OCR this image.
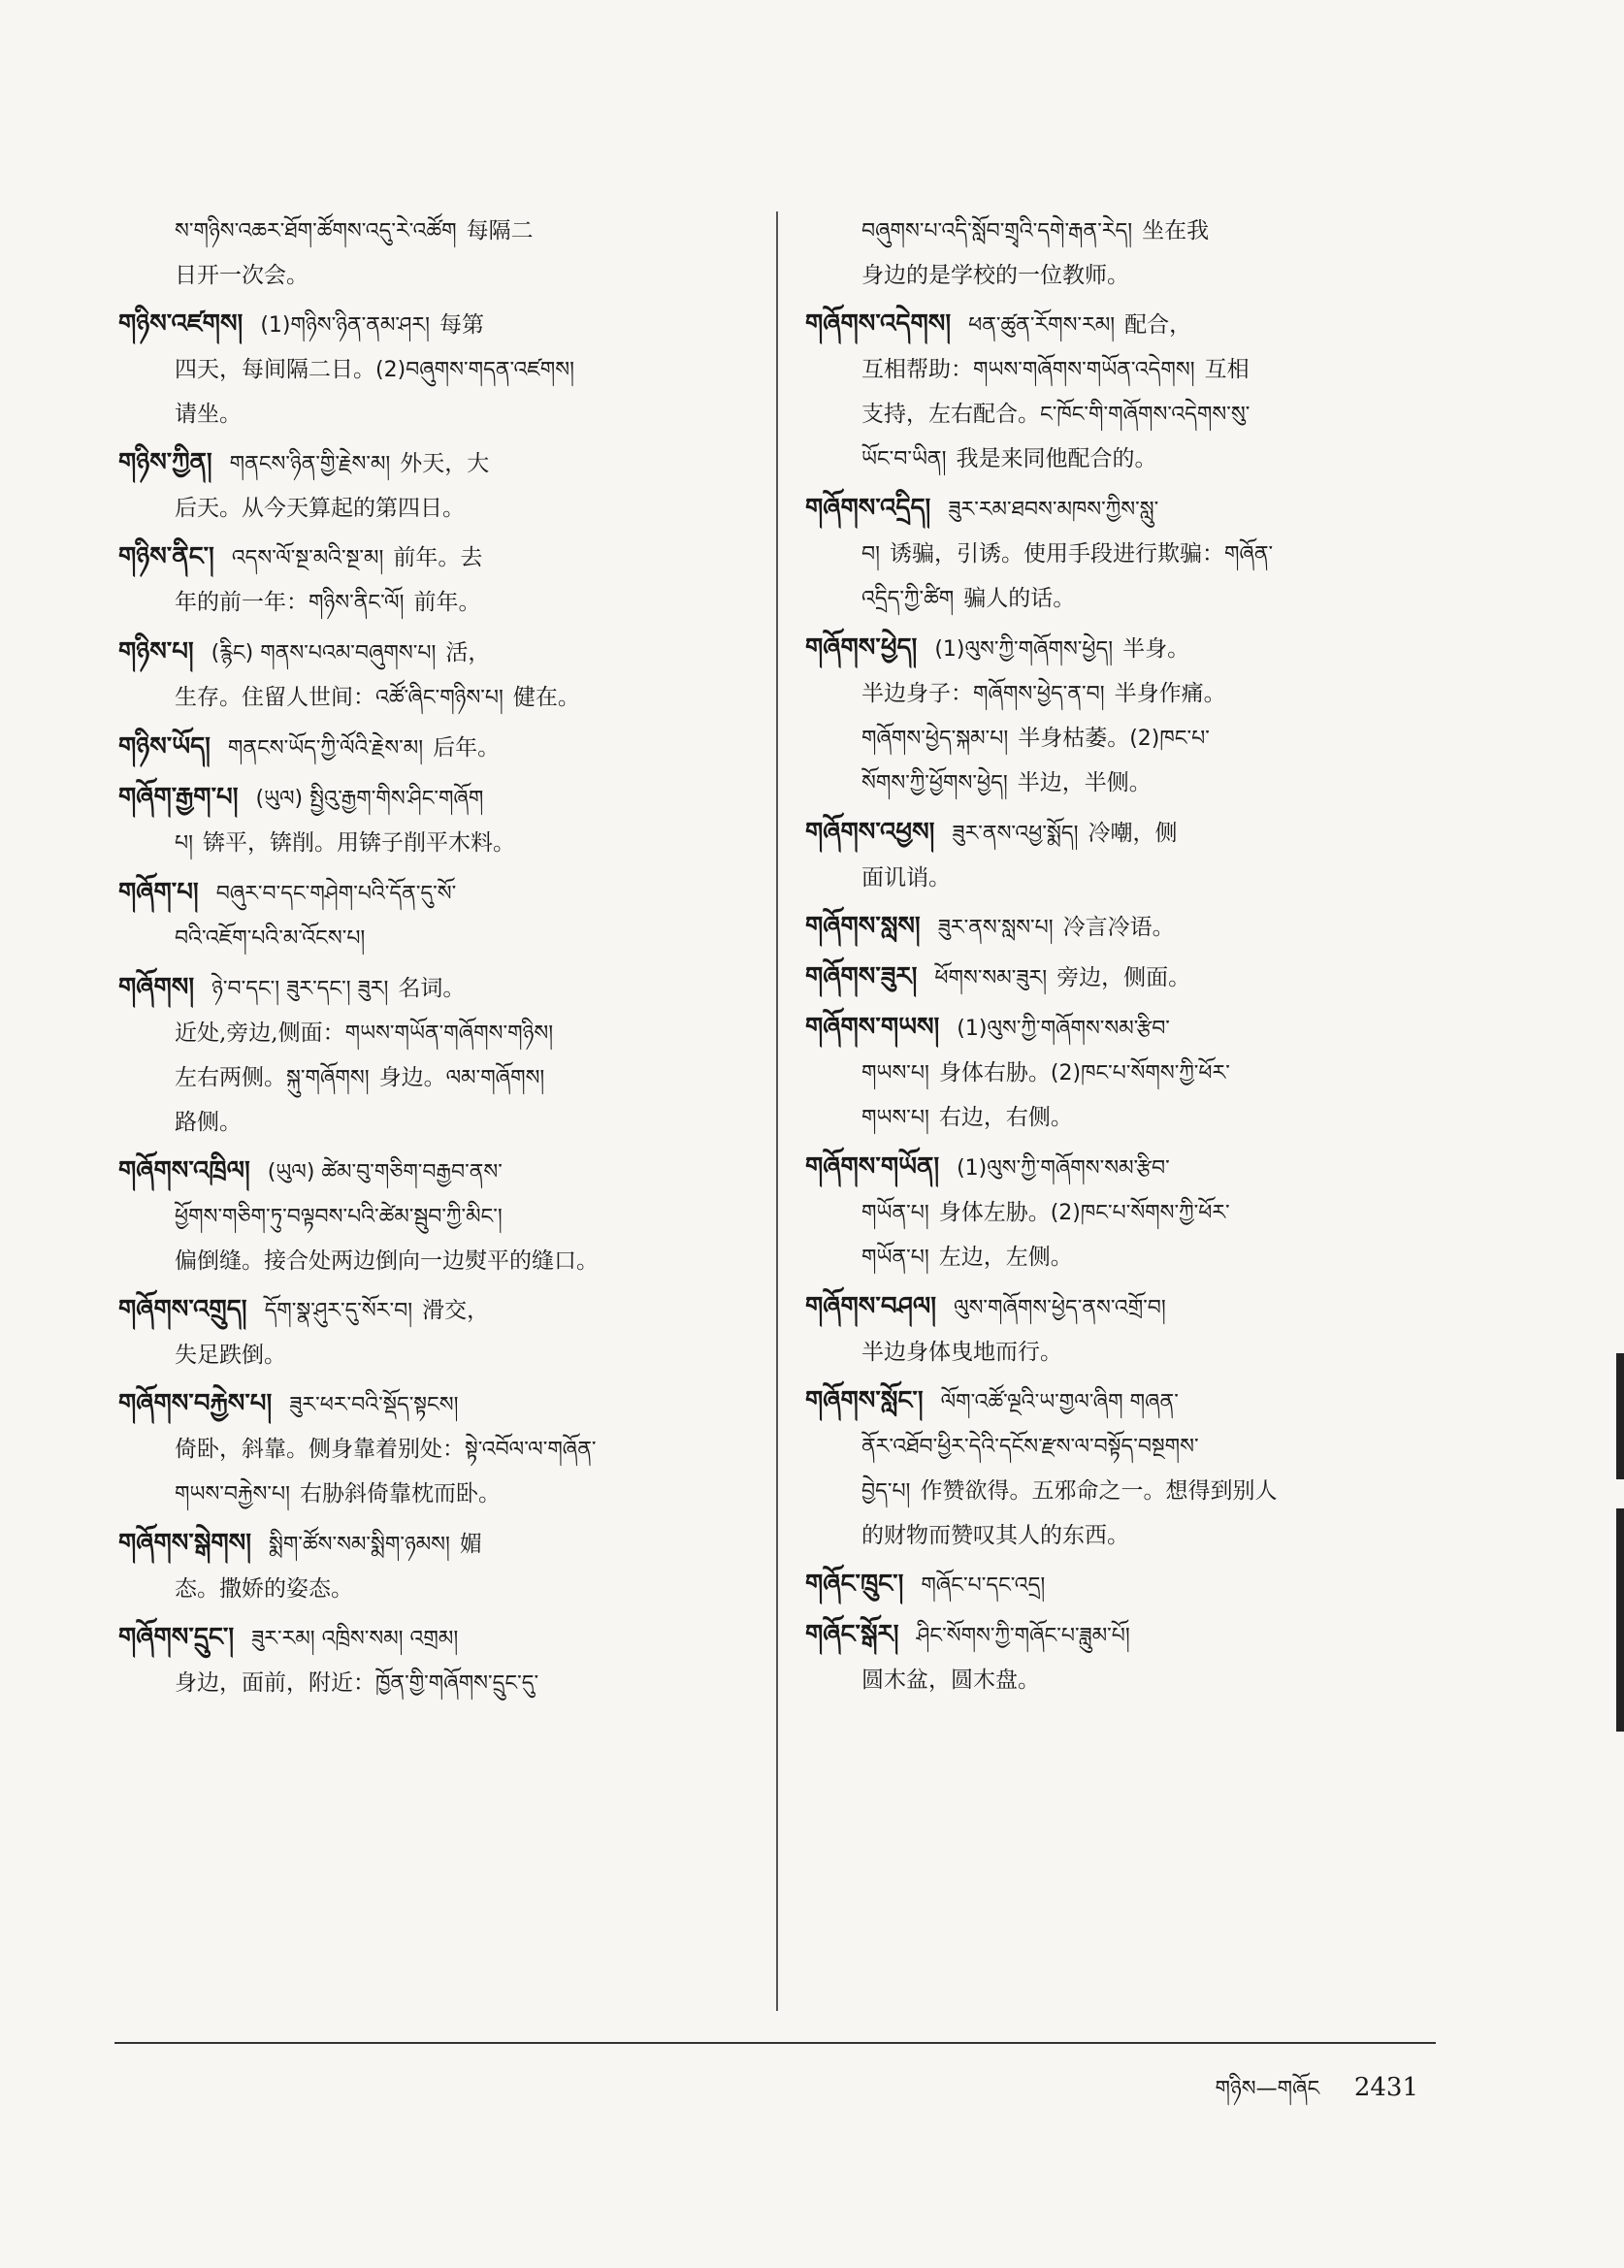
ས་གཉིས་འཆར་ཐོག་ཚོགས་འདུ་རེ་འཚོག 每隔二
日开一次会。
གཉིས་འཛགས། (1)གཉིས་ཉིན་ནམ་ཤར། 每第
四天，每间隔二日。(2)བཞུགས་གདན་འཛགས།
请坐。
གཉིས་ཀྱིན། གནངས་ཉིན་གྱི་རྗེས་མ། 外天，大
后天。从今天算起的第四日。
གཉིས་ནིང་། འདས་ལོ་སྔ་མའི་སྔ་མ། 前年。去
年的前一年：གཉིས་ནིང་ལོ། 前年。
གཉིས་པ། (རྙིང) གནས་པའམ་བཞུགས་པ། 活，
生存。住留人世间：འཚོ་ཞིང་གཉིས་པ། 健在。
གཉིས་ཡོད། གནངས་ཡོད་ཀྱི་ལོའི་རྗེས་མ། 后年。
གཞོག་རྒྱག་པ། (ཡུལ) སྤྱིའུ་རྒྱག་གིས་ཤིང་གཞོག
པ། 锛平，锛削。用锛子削平木料。
གཞོག་པ། བཞུར་བ་དང་གཤེག་པའི་དོན་དུ་སོ་
བའི་འཇོག་པའི་མ་འོངས་པ།
གཞོགས། ཉེ་བ་དང་། ཟུར་དང་། ཟུར། 名词。
近处,旁边,侧面：གཡས་གཡོན་གཞོགས་གཉིས།
左右两侧。སྐུ་གཞོགས། 身边。ལམ་གཞོགས།
路侧。
གཞོགས་འཁྲིལ། (ཡུལ) ཚེམ་བུ་གཅིག་བརྒྱབ་ནས་
ཕྱོགས་གཅིག་ཏུ་བལྟབས་པའི་ཚེམ་སྦུབ་ཀྱི་མིང་།
偏倒缝。接合处两边倒向一边熨平的缝口。
གཞོགས་འགྲུད། དོག་སྣ་ཤུར་དུ་སོར་བ། 滑交，
失足跌倒。
གཞོགས་བརྐྱེས་པ། ཟུར་ཕར་བའི་སྡོད་སྟངས།
倚卧，斜靠。侧身靠着别处：སྟེ་འབོལ་ལ་གཞོན་
གཡས་བརྐྱེས་པ། 右胁斜倚靠枕而卧。
གཞོགས་སྒེགས། སྨིག་ཚོས་སམ་སྨིག་ཉམས། 媚
态。撒娇的姿态。
གཞོགས་དྲུང་། ཟུར་རམ། འཁྲིས་སམ། འགྲམ།
身边，面前，附近：ཁྱོན་གྱི་གཞོགས་དྲུང་དུ་
བཞུགས་པ་འདི་སློབ་གྲྭའི་དགེ་རྒན་རེད། 坐在我
身边的是学校的一位教师。
གཞོགས་འདེགས། ཕན་ཚུན་རོགས་རམ། 配合，
互相帮助：གཡས་གཞོགས་གཡོན་འདེགས། 互相
支持，左右配合。ང་ཁོང་གི་གཞོགས་འདེགས་སུ་
ཡོང་བ་ཡིན། 我是来同他配合的。
གཞོགས་འདྲིད། ཟུར་རམ་ཐབས་མཁས་ཀྱིས་སླུ་
བ། 诱骗，引诱。使用手段进行欺骗：གཞོན་
འདྲིད་ཀྱི་ཚིག 骗人的话。
གཞོགས་ཕྱེད། (1)ལུས་ཀྱི་གཞོགས་ཕྱེད། 半身。
半边身子：གཞོགས་ཕྱེད་ན་བ། 半身作痛。
གཞོགས་ཕྱེད་སྐམ་པ། 半身枯萎。(2)ཁང་པ་
སོགས་ཀྱི་ཕྱོགས་ཕྱེད། 半边，半侧。
གཞོགས་འཕྱས། ཟུར་ནས་འཕྱ་སྨོད། 冷嘲，侧
面讥诮。
གཞོགས་སླས། ཟུར་ནས་སླས་པ། 冷言冷语。
གཞོགས་ཟུར། ཕོགས་སམ་ཟུར། 旁边，侧面。
གཞོགས་གཡས། (1)ལུས་ཀྱི་གཞོགས་སམ་རྩིབ་
གཡས་པ། 身体右胁。(2)ཁང་པ་སོགས་ཀྱི་ཕོར་
གཡས་པ། 右边，右侧。
གཞོགས་གཡོན། (1)ལུས་ཀྱི་གཞོགས་སམ་རྩིབ་
གཡོན་པ། 身体左胁。(2)ཁང་པ་སོགས་ཀྱི་ཕོར་
གཡོན་པ། 左边，左侧。
གཞོགས་བཤལ། ལུས་གཞོགས་ཕྱེད་ནས་འགྲོ་བ།
半边身体曳地而行。
གཞོགས་སློང་། ལོག་འཚོ་ལྔའི་ཡ་གྱལ་ཞིག གཞན་
ནོར་འཐོབ་ཕྱིར་དེའི་དངོས་རྫས་ལ་བསྟོད་བསྔགས་
བྱེད་པ། 作赞欲得。五邪命之一。想得到别人
的财物而赞叹其人的东西。
གཞོང་ཁྲུང་། གཞོང་པ་དང་འདྲ།
གཞོང་སྒོར། ཤིང་སོགས་ཀྱི་གཞོང་པ་ཟླུམ་པོ།
圆木盆，圆木盘。
གཉིས—གཞོང 2431
